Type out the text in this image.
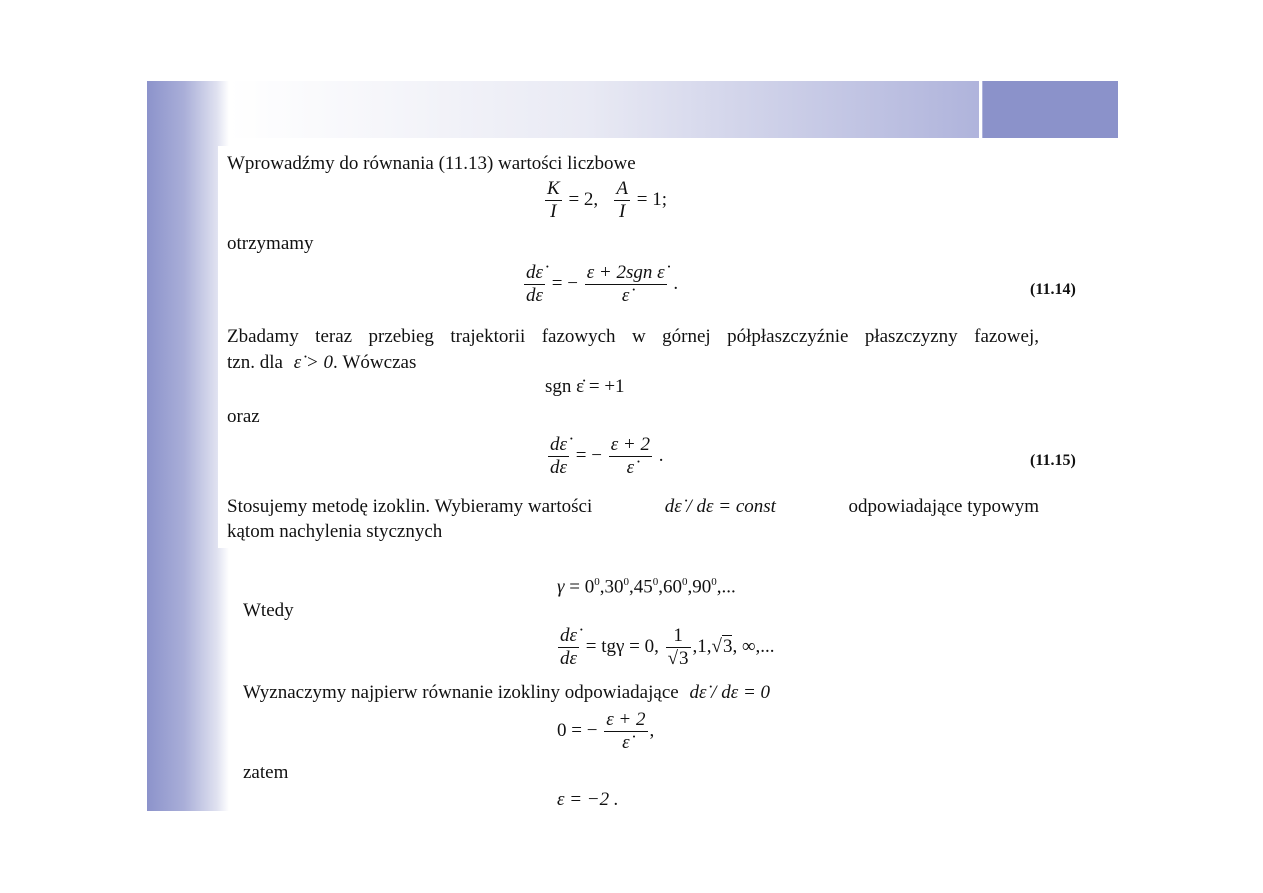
Wprowadźmy do równania (11.13) wartości liczbowe
$\frac{K}{I} = 2$, $\frac{A}{I} = 1$;
otrzymamy
$\frac{d\varepsiloṅ}{d\varepsilon}$ = − $\frac{\text{ε + 2sgn ε̇}}{\varepsiloṅ}$ .	(11.14)
Zbadamy teraz przebieg trajektorii fazowych w górnej półpłaszczyźnie płaszczyzny fazowej,
tzn. dla ε̇ > 0. Wówczas
sgn ε̇ = +1
oraz
$\frac{d\varepsiloṅ}{d\varepsilon}$ = − $\frac{\varepsilon + 2}{\varepsiloṅ}$ .	(11.15)
Stosujemy metodę izoklin. Wybieramy wartości	dε̇ / dε = const	odpowiadające typowym
kątom nachylenia stycznych
$\gamma = 0^0,30^0,45^0,60^0,90^0$,...
Wtedy
$\frac{d\varepsiloṅ}{d\varepsilon} = tg\gamma = 0$, $\frac{1}{√3} ,1,√3$, ∞,...
Wyznaczymy najpierw równanie izokliny odpowiadające dε̇ / dε = 0
0 = − $\frac{\varepsilon + 2}{\varepsiloṅ}$ ,
zatem
ε = −2 .
